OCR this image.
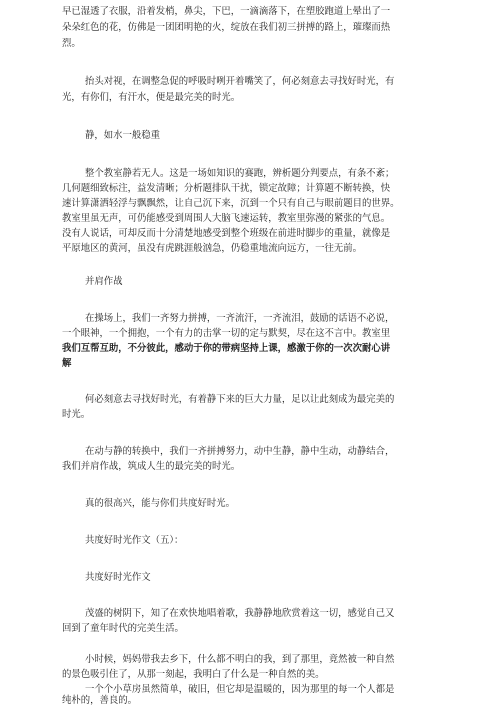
早已湿透了衣服，沿着发梢，鼻尖，下巴，一滴滴落下，在塑胶跑道上晕出了一
朵朵红色的花，仿佛是一团团明艳的火，绽放在我们初三拼搏的路上，璀璨而热
烈。
抬头对视，在调整急促的呼吸时咧开着嘴笑了，何必刻意去寻找好时光，有
光，有你们，有汗水，便是最完美的时光。
静，如水一般稳重
整个教室静若无人。这是一场如知识的赛跑，辨析题分判要点，有条不紊；
几何题细致标注，益发清晰；分析题排队干扰，锁定故障；计算题不断转换，快
速计算潇洒轻浮与飘飘然，让自己沉下来，沉到一个只有自己与眼前题目的世界。
教室里虽无声，可仍能感受到周围人大脑飞速运转，教室里弥漫的紧张的气息。
没有人说话，可却反而十分清楚地感受到整个班级在前进时脚步的重量，就像是
平原地区的黄河，虽没有虎跳涯般汹急，仍稳重地流向远方，一往无前。
并肩作战
在操场上，我们一齐努力拼搏，一齐流汗，一齐流泪，鼓励的话语不必说，
一个眼神，一个拥抱，一个有力的击掌一切的定与默契，尽在这不言中。教室里
我们互帮互助，不分彼此，感动于你的带病坚持上课，感激于你的一次次耐心讲
解
何必刻意去寻找好时光，有着静下来的巨大力量，足以让此刻成为最完美的
时光。
在动与静的转换中，我们一齐拼搏努力，动中生静，静中生动，动静结合，
我们并肩作战，筑成人生的最完美的时光。
真的很高兴，能与你们共度好时光。
共度好时光作文（五）：
共度好时光作文
茂盛的树阴下，知了在欢快地唱着歌，我静静地欣赏着这一切，感觉自己又
回到了童年时代的完美生活。
小时候，妈妈带我去乡下，什么都不明白的我，到了那里，竟然被一种自然
的景色吸引住了，从那一刻起，我明白了什么是一种自然的美。
一个个小草房虽然简单，破旧，但它却是温暖的，因为那里的每一个人都是
纯朴的，善良的。
